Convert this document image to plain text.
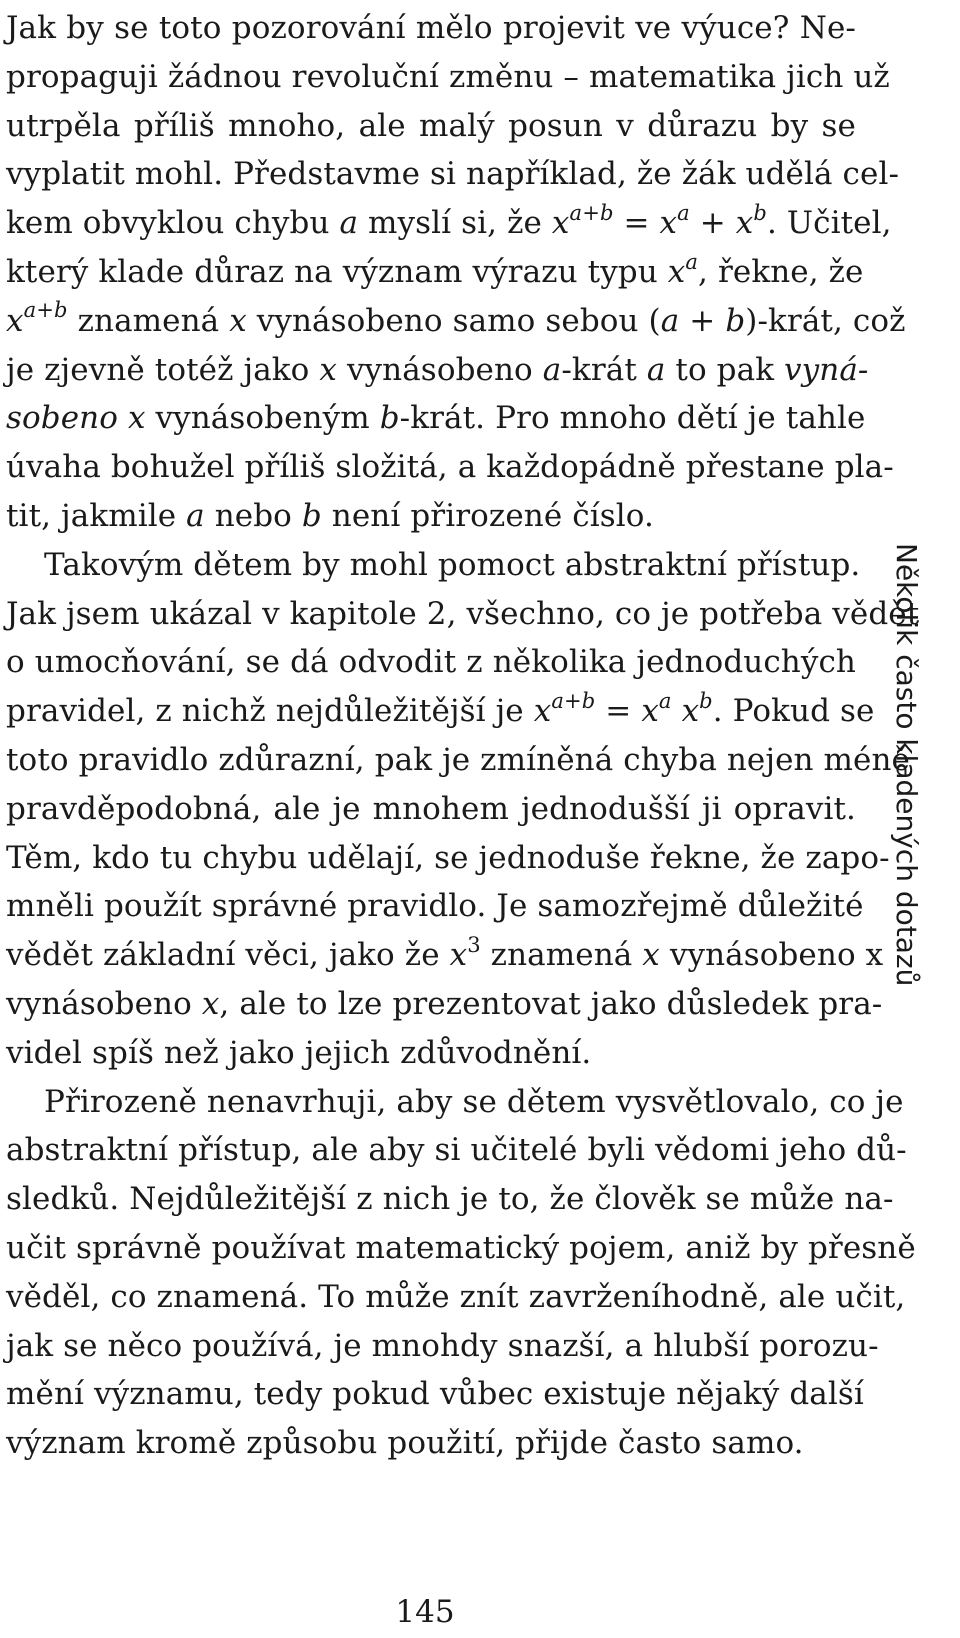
Jak by se toto pozorování mělo projevit ve výuce? Ne-
propaguji žádnou revoluční změnu – matematika jich už
utrpěla příliš mnoho, ale malý posun v důrazu by se
vyplatit mohl. Představme si například, že žák udělá cel-
kem obvyklou chybu a myslí si, že $x^{a+b} = x^a + x^b$. Učitel,
který klade důraz na význam výrazu typu $x^a$, řekne, že
$x^{a+b}$ znamená x vynásobeno samo sebou (a + b)-krát, což
je zjevně totéž jako x vynásobeno a-krát a to pak vyná-
sobeno x vynásobeným b-krát. Pro mnoho dětí je tahle
úvaha bohužel příliš složitá, a každopádně přestane pla-
tit, jakmile a nebo b není přirozené číslo.
Takovým dětem by mohl pomoct abstraktní přístup.
Jak jsem ukázal v kapitole 2, všechno, co je potřeba vědět
o umocňování, se dá odvodit z několika jednoduchých
pravidel, z nichž nejdůležitější je $x^{a+b} = x^a$ $x^b$. Pokud se
toto pravidlo zdůrazní, pak je zmíněná chyba nejen méně
pravděpodobná, ale je mnohem jednodušší ji opravit.
Těm, kdo tu chybu udělají, se jednoduše řekne, že zapo-
mněli použít správné pravidlo. Je samozřejmě důležité
vědět základní věci, jako že $x^3$ znamená x vynásobeno x
vynásobeno x, ale to lze prezentovat jako důsledek pra-
videl spíš než jako jejich zdůvodnění.
Přirozeně nenavrhuji, aby se dětem vysvětlovalo, co je
abstraktní přístup, ale aby si učitelé byli vědomi jeho dů-
sledků. Nejdůležitější z nich je to, že člověk se může na-
učit správně používat matematický pojem, aniž by přesně
věděl, co znamená. To může znít zavrženíhodně, ale učit,
jak se něco používá, je mnohdy snazší, a hlubší porozu-
mění významu, tedy pokud vůbec existuje nějaký další
význam kromě způsobu použití, přijde často samo.
Několik často kladených dotazů
145
